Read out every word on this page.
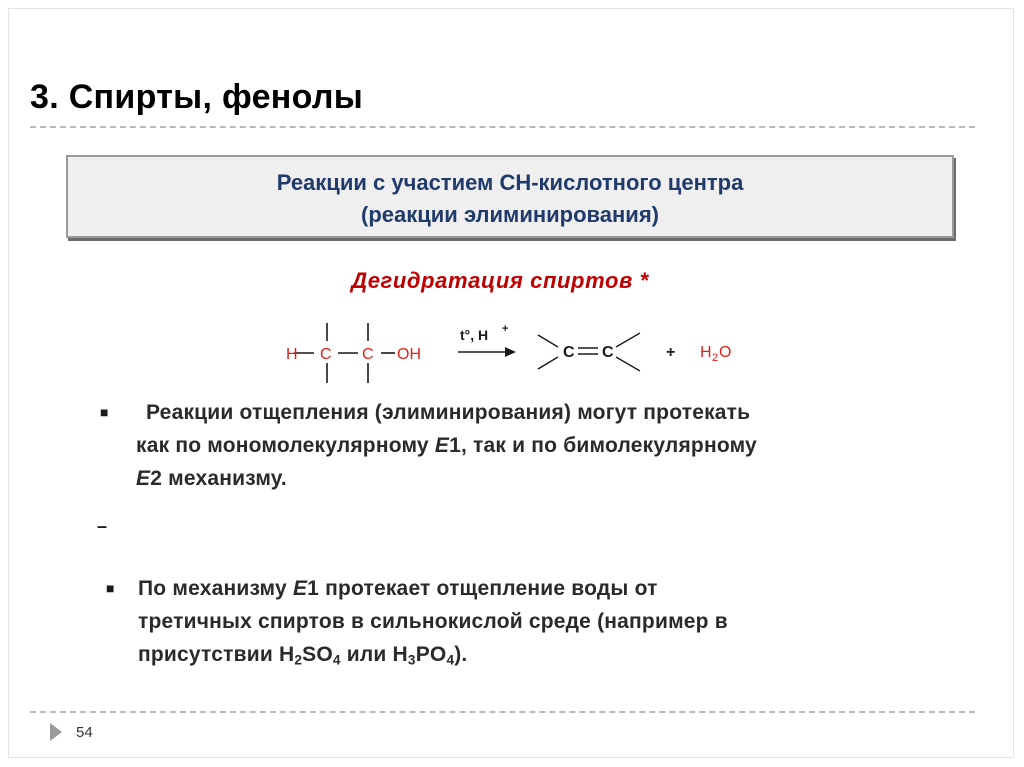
3. Спирты, фенолы
Реакции с участием СН-кислотного центра
(реакции элиминирования)
Дегидратация спиртов *
H C C OH
t°, H +
C C	+ H 2 O
■	Реакции отщепления (элиминирования) могут протекать

как по мономолекулярному E1, так и по бимолекулярному

E2 механизму.

–
■ По механизму E1 протекает отщепление воды от

третичных спиртов в сильнокислой среде (например в

присутствии $H_2SO_4$ или $H_3PO_4$).

54
